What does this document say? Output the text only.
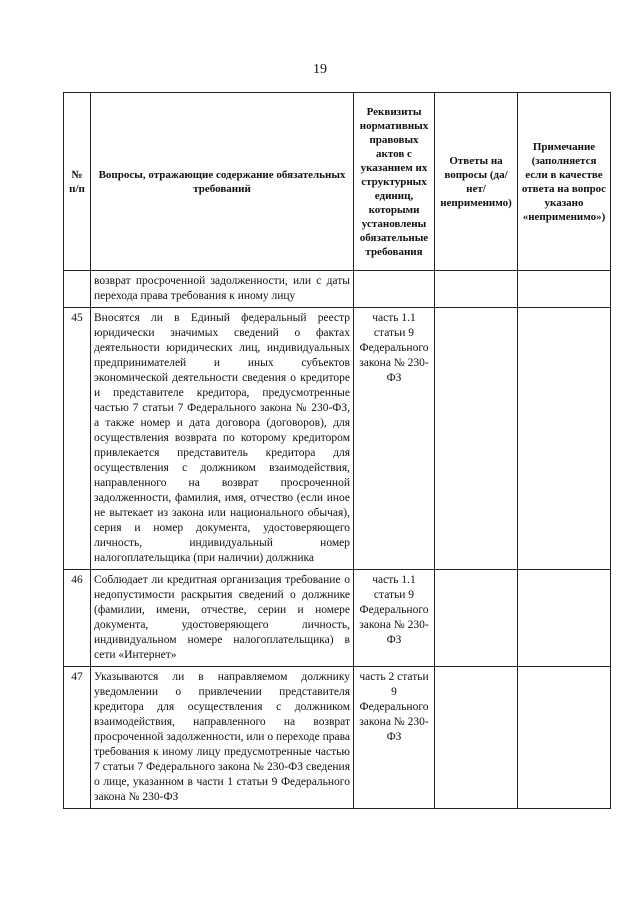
19
№ п/п	Вопросы, отражающие содержание обязательных требований	Реквизиты нормативных правовых актов с указанием их структурных единиц, которыми установлены обязательные требования	Ответы на вопросы (да/нет/ неприменимо)	Примечание (заполняется если в качестве ответа на вопрос указано «неприменимо»)
	возврат просроченной задолженности, или с даты перехода права требования к иному лицу			
45	Вносятся ли в Единый федеральный реестр юридически значимых сведений о фактах деятельности юридических лиц, индивидуальных предпринимателей и иных субъектов экономической деятельности сведения о кредиторе и представителе кредитора, предусмотренные частью 7 статьи 7 Федерального закона № 230-ФЗ, а также номер и дата договора (договоров), для осуществления возврата по которому кредитором привлекается представитель кредитора для осуществления с должником взаимодействия, направленного на возврат просроченной задолженности, фамилия, имя, отчество (если иное не вытекает из закона или национального обычая), серия и номер документа, удостоверяющего личность, индивидуальный номер налогоплательщика (при наличии) должника	часть 1.1 статьи 9 Федерального закона № 230-ФЗ		
46	Соблюдает ли кредитная организация требование о недопустимости раскрытия сведений о должнике (фамилии, имени, отчестве, серии и номере документа, удостоверяющего личность, индивидуальном номере налогоплательщика) в сети «Интернет»	часть 1.1 статьи 9 Федерального закона № 230-ФЗ		
47	Указываются ли в направляемом должнику уведомлении о привлечении представителя кредитора для осуществления с должником взаимодействия, направленного на возврат просроченной задолженности, или о переходе права требования к иному лицу предусмотренные частью 7 статьи 7 Федерального закона № 230-ФЗ сведения о лице, указанном в части 1 статьи 9 Федерального закона № 230-ФЗ	часть 2 статьи 9 Федерального закона № 230-ФЗ		
